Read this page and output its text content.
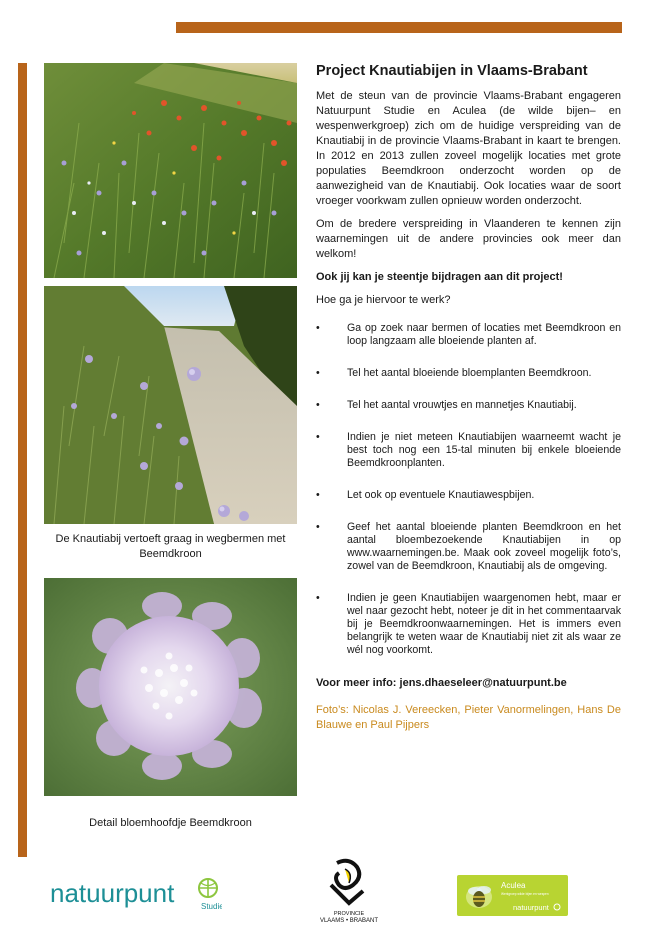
De Knautiabij vertoeft graag in wegbermen met Beemdkroon
Detail bloemhoofdje Beemdkroon
Project Knautiabijen in Vlaams-Brabant

Met de steun van de provincie Vlaams-Brabant engageren Natuurpunt Studie en Aculea (de wilde bijen– en wespenwerkgroep) zich om de huidige verspreiding van de Knautiabij in de provincie Vlaams-Brabant in kaart te brengen. In 2012 en 2013 zullen zoveel mogelijk locaties met grote populaties Beemdkroon onderzocht worden op de aanwezigheid van de Knautiabij. Ook locaties waar de soort vroeger voorkwam zullen opnieuw worden onderzocht.

Om de bredere verspreiding in Vlaanderen te kennen zijn waarnemingen uit de andere provincies ook meer dan welkom!

Ook jij kan je steentje bijdragen aan dit project!

Hoe ga je hiervoor te werk?

•	Ga op zoek naar bermen of locaties met Beemdkroon en loop langzaam alle bloeiende planten af.
•	Tel het aantal bloeiende bloemplanten Beemdkroon.
•	Tel het aantal vrouwtjes en mannetjes Knautiabij.
•	Indien je niet meteen Knautiabijen waarneemt wacht je best toch nog een 15-tal minuten bij enkele bloeiende Beemdkroonplanten.
•	Let ook op eventuele Knautiawespbijen.
•	Geef het aantal bloeiende planten Beemdkroon en het aantal bloembezoekende Knautiabijen in op www.waarnemingen.be. Maak ook zoveel mogelijk foto’s, zowel van de Beemdkroon, Knautiabij als de omgeving.
•	Indien je geen Knautiabijen waargenomen hebt, maar er wel naar gezocht hebt, noteer je dit in het commentaarvak bij je Beemdkroonwaarnemingen. Het is immers even belangrijk te weten waar de Knautiabij niet zit als waar ze wél nog voorkomt.
Voor meer info: jens.dhaeseleer@natuurpunt.be
Foto’s: Nicolas J. Vereecken, Pieter Vanormelingen, Hans De Blauwe en Paul Pijpers
natuurpunt	Studie
PROVINCIE
VLAAMS • BRABANT
Aculea
Werkgroep wilde bijen en wespen
natuurpunt
